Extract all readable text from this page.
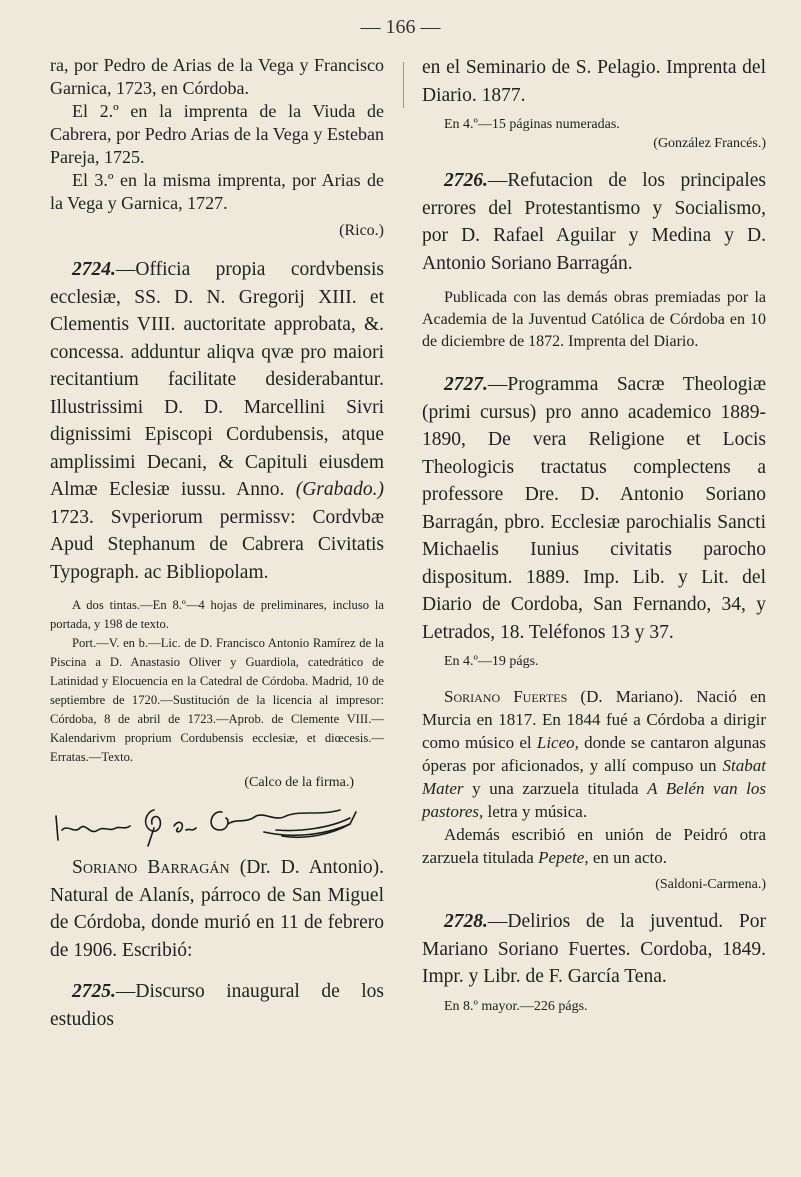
— 166 —

ra, por Pedro de Arias de la Vega y Francisco Garnica, 1723, en Córdoba.

El 2.º en la imprenta de la Viuda de Cabrera, por Pedro Arias de la Vega y Esteban Pareja, 1725.

El 3.º en la misma imprenta, por Arias de la Vega y Garnica, 1727.

(Rico.)

2724.—Officia propia cordvbensis ecclesiæ, SS. D. N. Gregorij XIII. et Clementis VIII. auctoritate approbata, &. concessa. adduntur aliqva qvæ pro maiori recitantium facilitate desiderabantur. Illustrissimi D. D. Marcellini Sivri dignissimi Episcopi Cordubensis, atque amplissimi Decani, & Capituli eiusdem Almæ Eclesiæ iussu. Anno. (Grabado.) 1723. Svperiorum permissv: Cordvbæ Apud Stephanum de Cabrera Civitatis Typograph. ac Bibliopolam.

A dos tintas.—En 8.º—4 hojas de preliminares, inclusо la portada, y 198 de texto.

Port.—V. en b.—Lic. de D. Francisco Antonio Ramírez de la Piscina a D. Anastasio Oliver y Guardiola, catedrático de Latinidad y Elocuencia en la Catedral de Córdoba. Madrid, 10 de septiembre de 1720.—Sustitución de la licencia al impresor: Córdoba, 8 de abril de 1723.—Aprob. de Clemente VIII.—Kalendarivm proprium Cordubensis ecclesiæ, et diœcesis.—Erratas.—Texto.

(Calco de la firma.)

Soriano Barragán (Dr. D. Antonio). Natural de Alanís, párroco de San Miguel de Córdoba, donde murió en 11 de febrero de 1906. Escribió:

2725.—Discurso inaugural de los estudios

en el Seminario de S. Pelagio. Imprenta del Diario. 1877.

En 4.º—15 páginas numeradas.

(González Francés.)

2726.—Refutacion de los principales errores del Protestantismo y Socialismo, por D. Rafael Aguilar y Medina y D. Antonio Soriano Barragán.

Publicada con las demás obras premiadas por la Academia de la Juventud Católica de Córdoba en 10 de diciembre de 1872. Imprenta del Diario.

2727.—Programma Sacræ Theologiæ (primi cursus) pro anno academico 1889-1890, De vera Religione et Locis Theologicis tractatus complectens a professore Dre. D. Antonio Soriano Barragán, pbro. Ecclesiæ parochialis Sancti Michaelis Iunius civitatis parocho dispositum. 1889. Imp. Lib. y Lit. del Diario de Cordoba, San Fernando, 34, y Letrados, 18. Teléfonos 13 y 37.

En 4.º—19 págs.

Soriano Fuertes (D. Mariano). Nació en Murcia en 1817. En 1844 fué a Córdoba a dirigir como músico el Liceo, donde se cantaron algunas óperas por aficionados, y allí compuso un Stabat Mater y una zarzuela titulada A Belén van los pastores, letra y música.

Además escribió en unión de Peidró otra zarzuela titulada Pepete, en un acto.

(Saldoni-Carmena.)

2728.—Delirios de la juventud. Por Mariano Soriano Fuertes. Cordoba, 1849. Impr. y Libr. de F. García Tena.

En 8.º mayor.—226 págs.
